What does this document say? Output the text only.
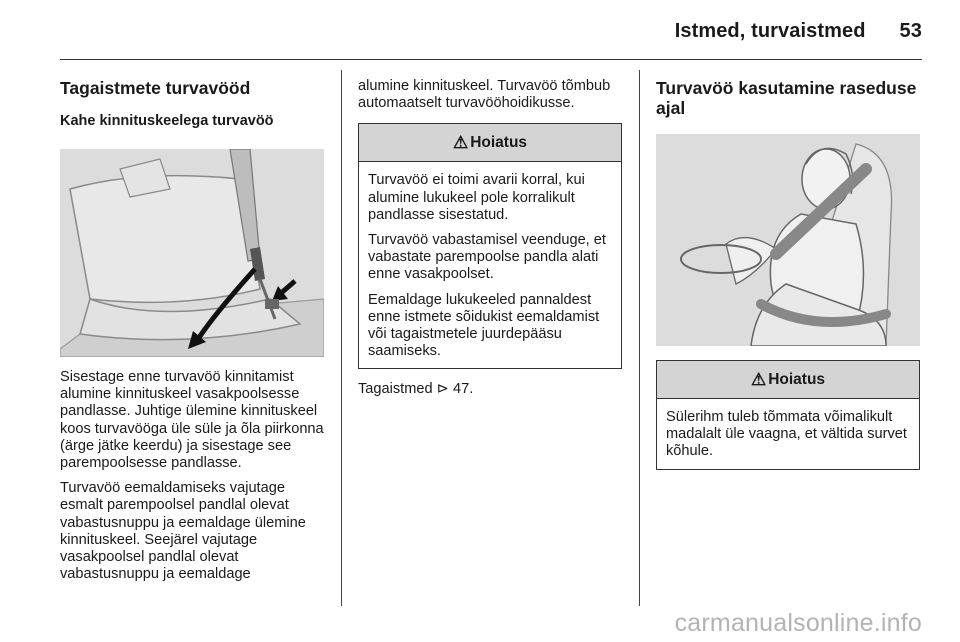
Istmed, turvaistmed 53
Tagaistmete turvavööd
Kahe kinnituskeelega turvavöö

Sisestage enne turvavöö kinnitamist alumine kinnituskeel vasakpoolsesse pandlasse. Juhtige ülemine kinnituskeel koos turvavööga üle süle ja õla piirkonna (ärge jätke keerdu) ja sisestage see parempoolsesse pandlasse.

Turvavöö eemaldamiseks vajutage esmalt parempoolsel pandlal olevat vabastusnuppu ja eemaldage ülemine kinnituskeel. Seejärel vajutage vasakpoolsel pandlal olevat vabastusnuppu ja eemaldage

alumine kinnituskeel. Turvavöö tõmbub automaatselt turvavööhoidikusse.

⚠ Hoiatus

Turvavöö ei toimi avarii korral, kui alumine lukukeel pole korralikult pandlasse sisestatud.

Turvavöö vabastamisel veenduge, et vabastate parempoolse pandla alati enne vasakpoolset.

Eemaldage lukukeeled pannaldest enne istmete sõidukist eemaldamist või tagaistmetele juurdepääsu saamiseks.

Tagaistmed ⊳ 47.

Turvavöö kasutamine raseduse ajal
⚠ Hoiatus

Sülerihm tuleb tõmmata võimalikult madalalt üle vaagna, et vältida survet kõhule.

carmanualsonline.info
